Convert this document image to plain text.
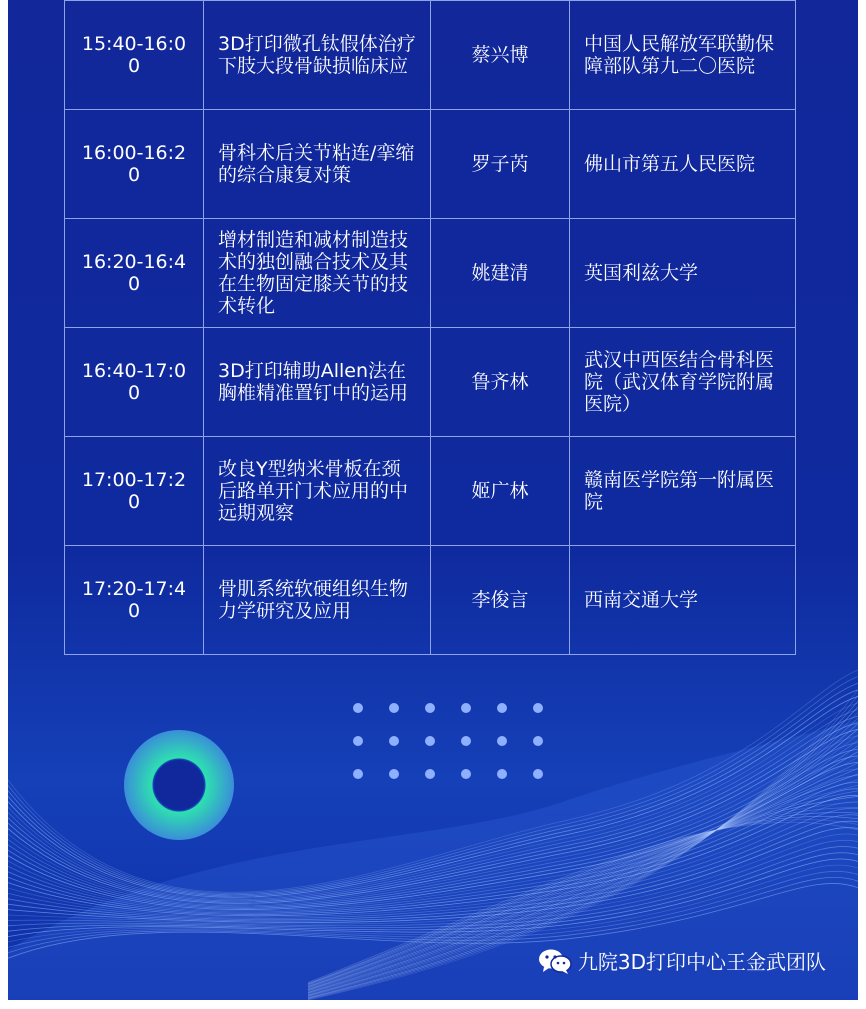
15:40-16:00	3D打印微孔钛假体治疗下肢大段骨缺损临床应	蔡兴博	中国人民解放军联勤保障部队第九二〇医院
16:00-16:20	骨科术后关节粘连/挛缩的综合康复对策	罗子芮	佛山市第五人民医院
16:20-16:40	增材制造和减材制造技术的独创融合技术及其在生物固定膝关节的技术转化	姚建清	英国利兹大学
16:40-17:00	3D打印辅助Allen法在胸椎精准置钉中的运用	鲁齐林	武汉中西医结合骨科医院（武汉体育学院附属医院）
17:00-17:20	改良Y型纳米骨板在颈后路单开门术应用的中远期观察	姬广林	赣南医学院第一附属医院
17:20-17:40	骨肌系统软硬组织生物力学研究及应用	李俊言	西南交通大学
九院3D打印中心王金武团队
